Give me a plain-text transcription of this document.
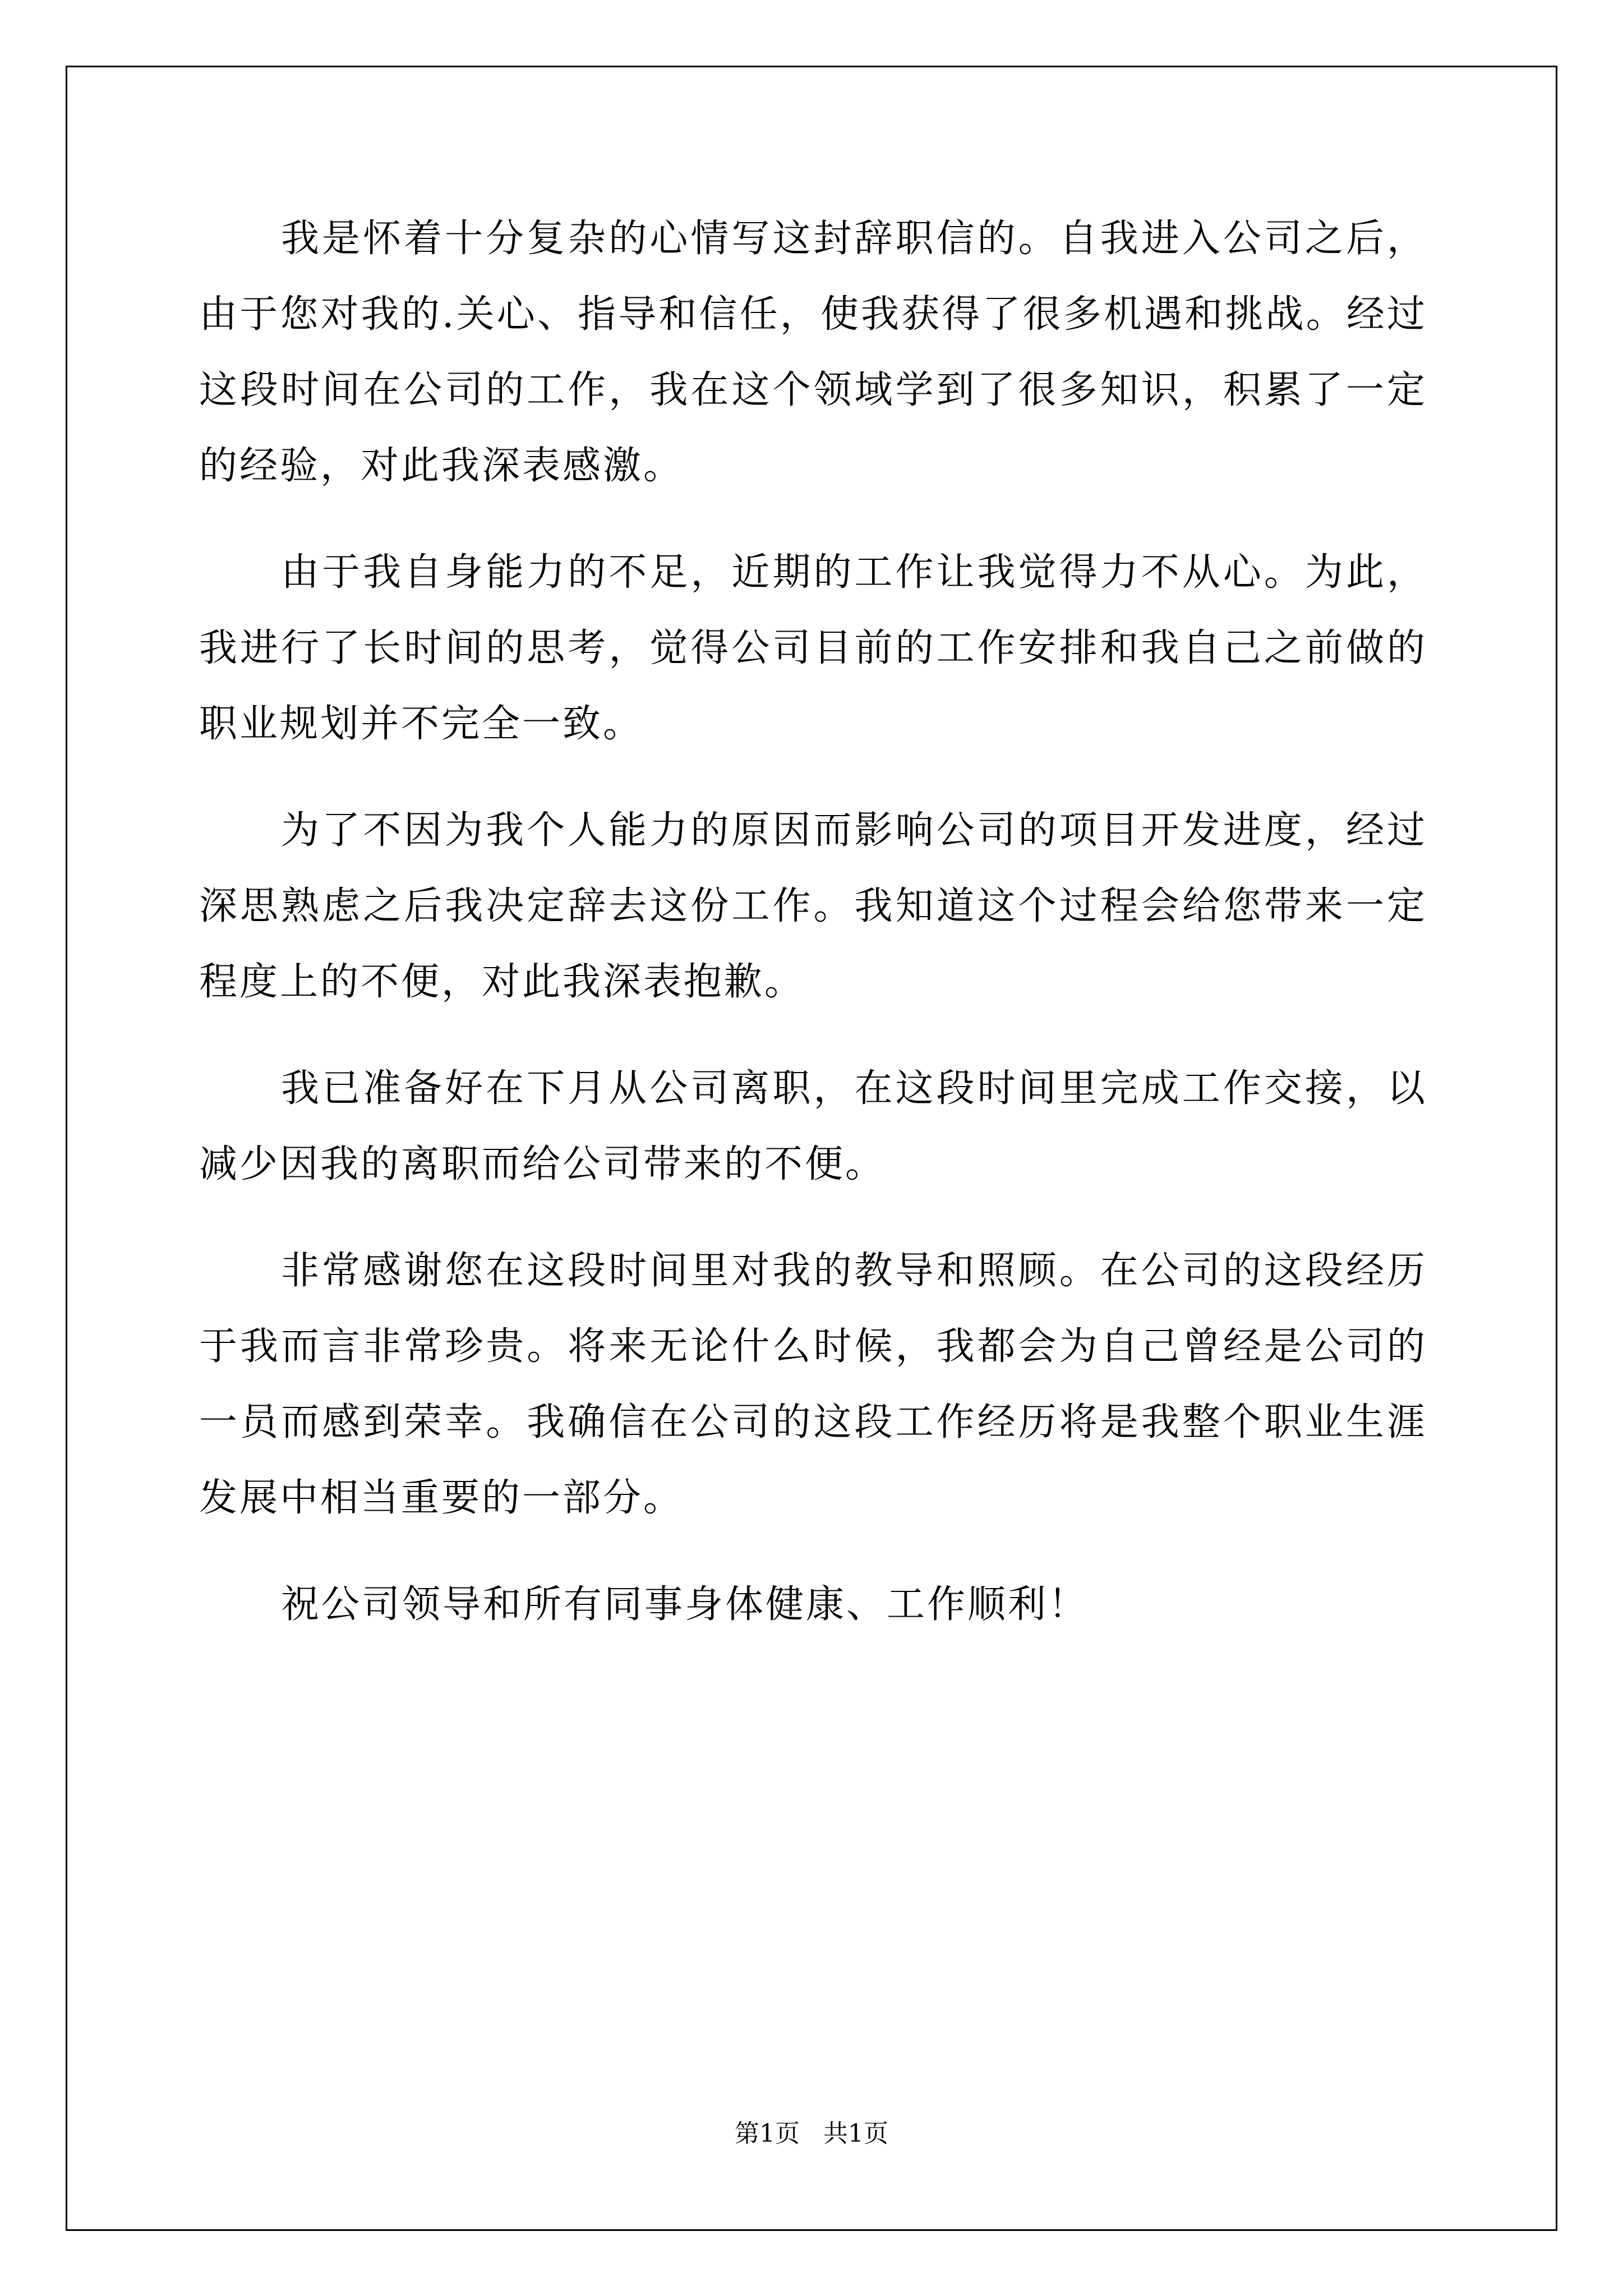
我是怀着十分复杂的心情写这封辞职信的。自我进入公司之后，由于您对我的.关心、指导和信任，使我获得了很多机遇和挑战。经过这段时间在公司的工作，我在这个领域学到了很多知识，积累了一定的经验，对此我深表感激。

由于我自身能力的不足，近期的工作让我觉得力不从心。为此，我进行了长时间的思考，觉得公司目前的工作安排和我自己之前做的职业规划并不完全一致。

为了不因为我个人能力的原因而影响公司的项目开发进度，经过深思熟虑之后我决定辞去这份工作。我知道这个过程会给您带来一定程度上的不便，对此我深表抱歉。

我已准备好在下月从公司离职，在这段时间里完成工作交接，以减少因我的离职而给公司带来的不便。

非常感谢您在这段时间里对我的教导和照顾。在公司的这段经历于我而言非常珍贵。将来无论什么时候，我都会为自己曾经是公司的一员而感到荣幸。我确信在公司的这段工作经历将是我整个职业生涯发展中相当重要的一部分。

祝公司领导和所有同事身体健康、工作顺利！

第1页   共1页
